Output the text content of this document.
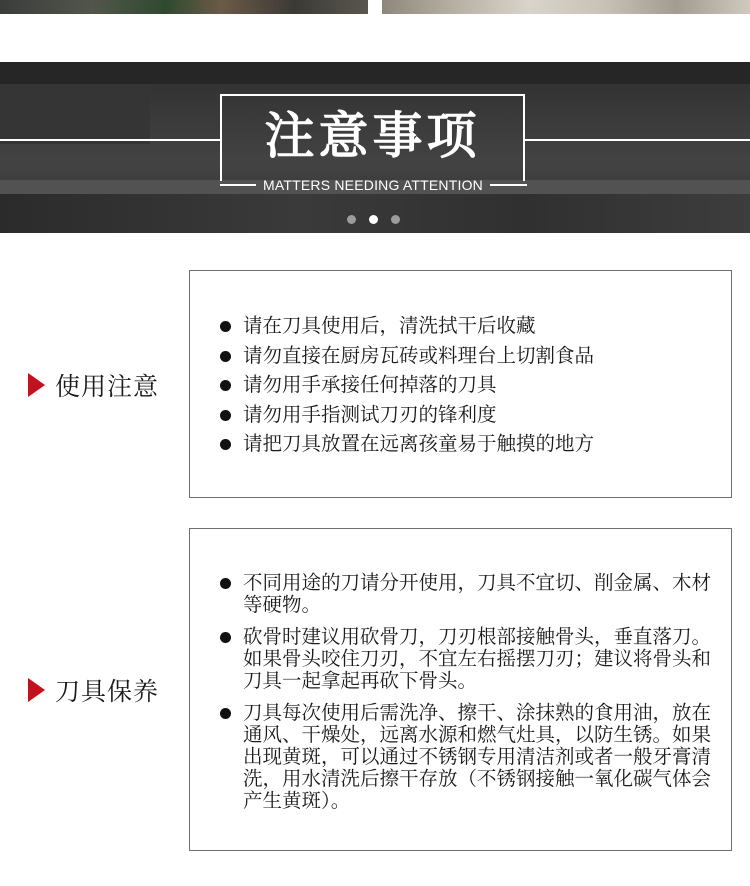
注意事项
MATTERS NEEDING ATTENTION
使用注意
请在刀具使用后，清洗拭干后收藏
请勿直接在厨房瓦砖或料理台上切割食品
请勿用手承接任何掉落的刀具
请勿用手指测试刀刃的锋利度
请把刀具放置在远离孩童易于触摸的地方
刀具保养
不同用途的刀请分开使用，刀具不宜切、削金属、木材等硬物。
砍骨时建议用砍骨刀，刀刃根部接触骨头，垂直落刀。如果骨头咬住刀刃，不宜左右摇摆刀刃；建议将骨头和刀具一起拿起再砍下骨头。
刀具每次使用后需洗净、擦干、涂抹熟的食用油，放在通风、干燥处，远离水源和燃气灶具，以防生锈。如果出现黄斑，可以通过不锈钢专用清洁剂或者一般牙膏清洗，用水清洗后擦干存放（不锈钢接触一氧化碳气体会产生黄斑）。
